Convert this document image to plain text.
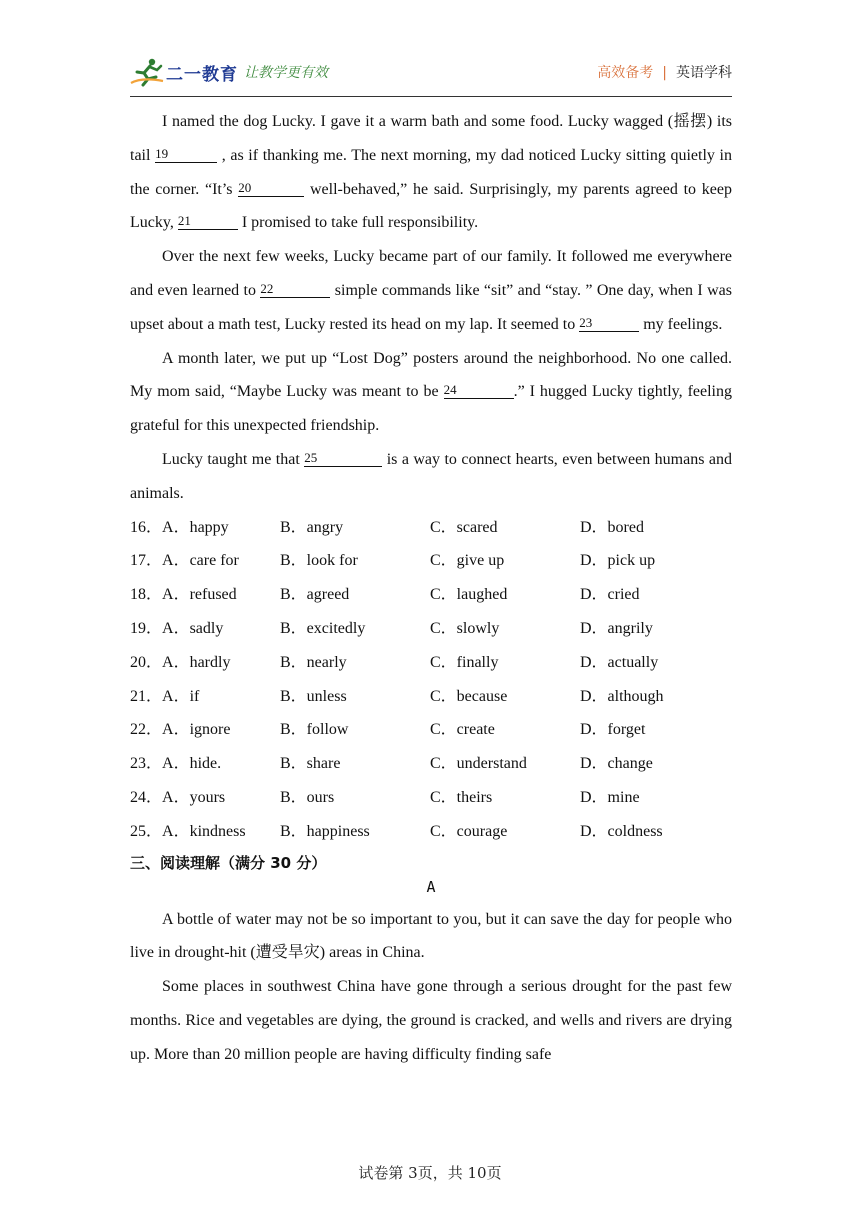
二一教育 让教学更有效	高效备考 | 英语学科

I named the dog Lucky. I gave it a warm bath and some food. Lucky wagged (摇摆) its tail 19	, as if thanking me. The next morning, my dad noticed Lucky sitting quietly in the corner. “It’s 20	well-behaved,” he said. Surprisingly, my parents agreed to keep Lucky, 21	I promised to take full responsibility.

Over the next few weeks, Lucky became part of our family. It followed me everywhere and even learned to 22	simple commands like “sit” and “stay. ” One day, when I was upset about a math test, Lucky rested its head on my lap. It seemed to 23	my feelings.

A month later, we put up “Lost Dog” posters around the neighborhood. No one called. My mom said, “Maybe Lucky was meant to be 24	.” I hugged Lucky tightly, feeling grateful for this unexpected friendship.

Lucky taught me that 25	is a way to connect hearts, even between humans and animals.

16．A．happy	B．angry	C．scared	D．bored
17．A．care for	B．look for	C．give up	D．pick up
18．A．refused	B．agreed	C．laughed	D．cried
19．A．sadly	B．excitedly	C．slowly	D．angrily
20．A．hardly	B．nearly	C．finally	D．actually
21．A．if	B．unless	C．because	D．although
22．A．ignore	B．follow	C．create	D．forget
23．A．hide.	B．share	C．understand	D．change
24．A．yours	B．ours	C．theirs	D．mine
25．A．kindness	B．happiness	C．courage	D．coldness
三、阅读理解（满分 30 分）
A

A bottle of water may not be so important to you, but it can save the day for people who live in drought-hit (遭受旱灾) areas in China.

Some places in southwest China have gone through a serious drought for the past few months. Rice and vegetables are dying, the ground is cracked, and wells and rivers are drying up. More than 20 million people are having difficulty finding safe

试卷第 3页，共 10页
